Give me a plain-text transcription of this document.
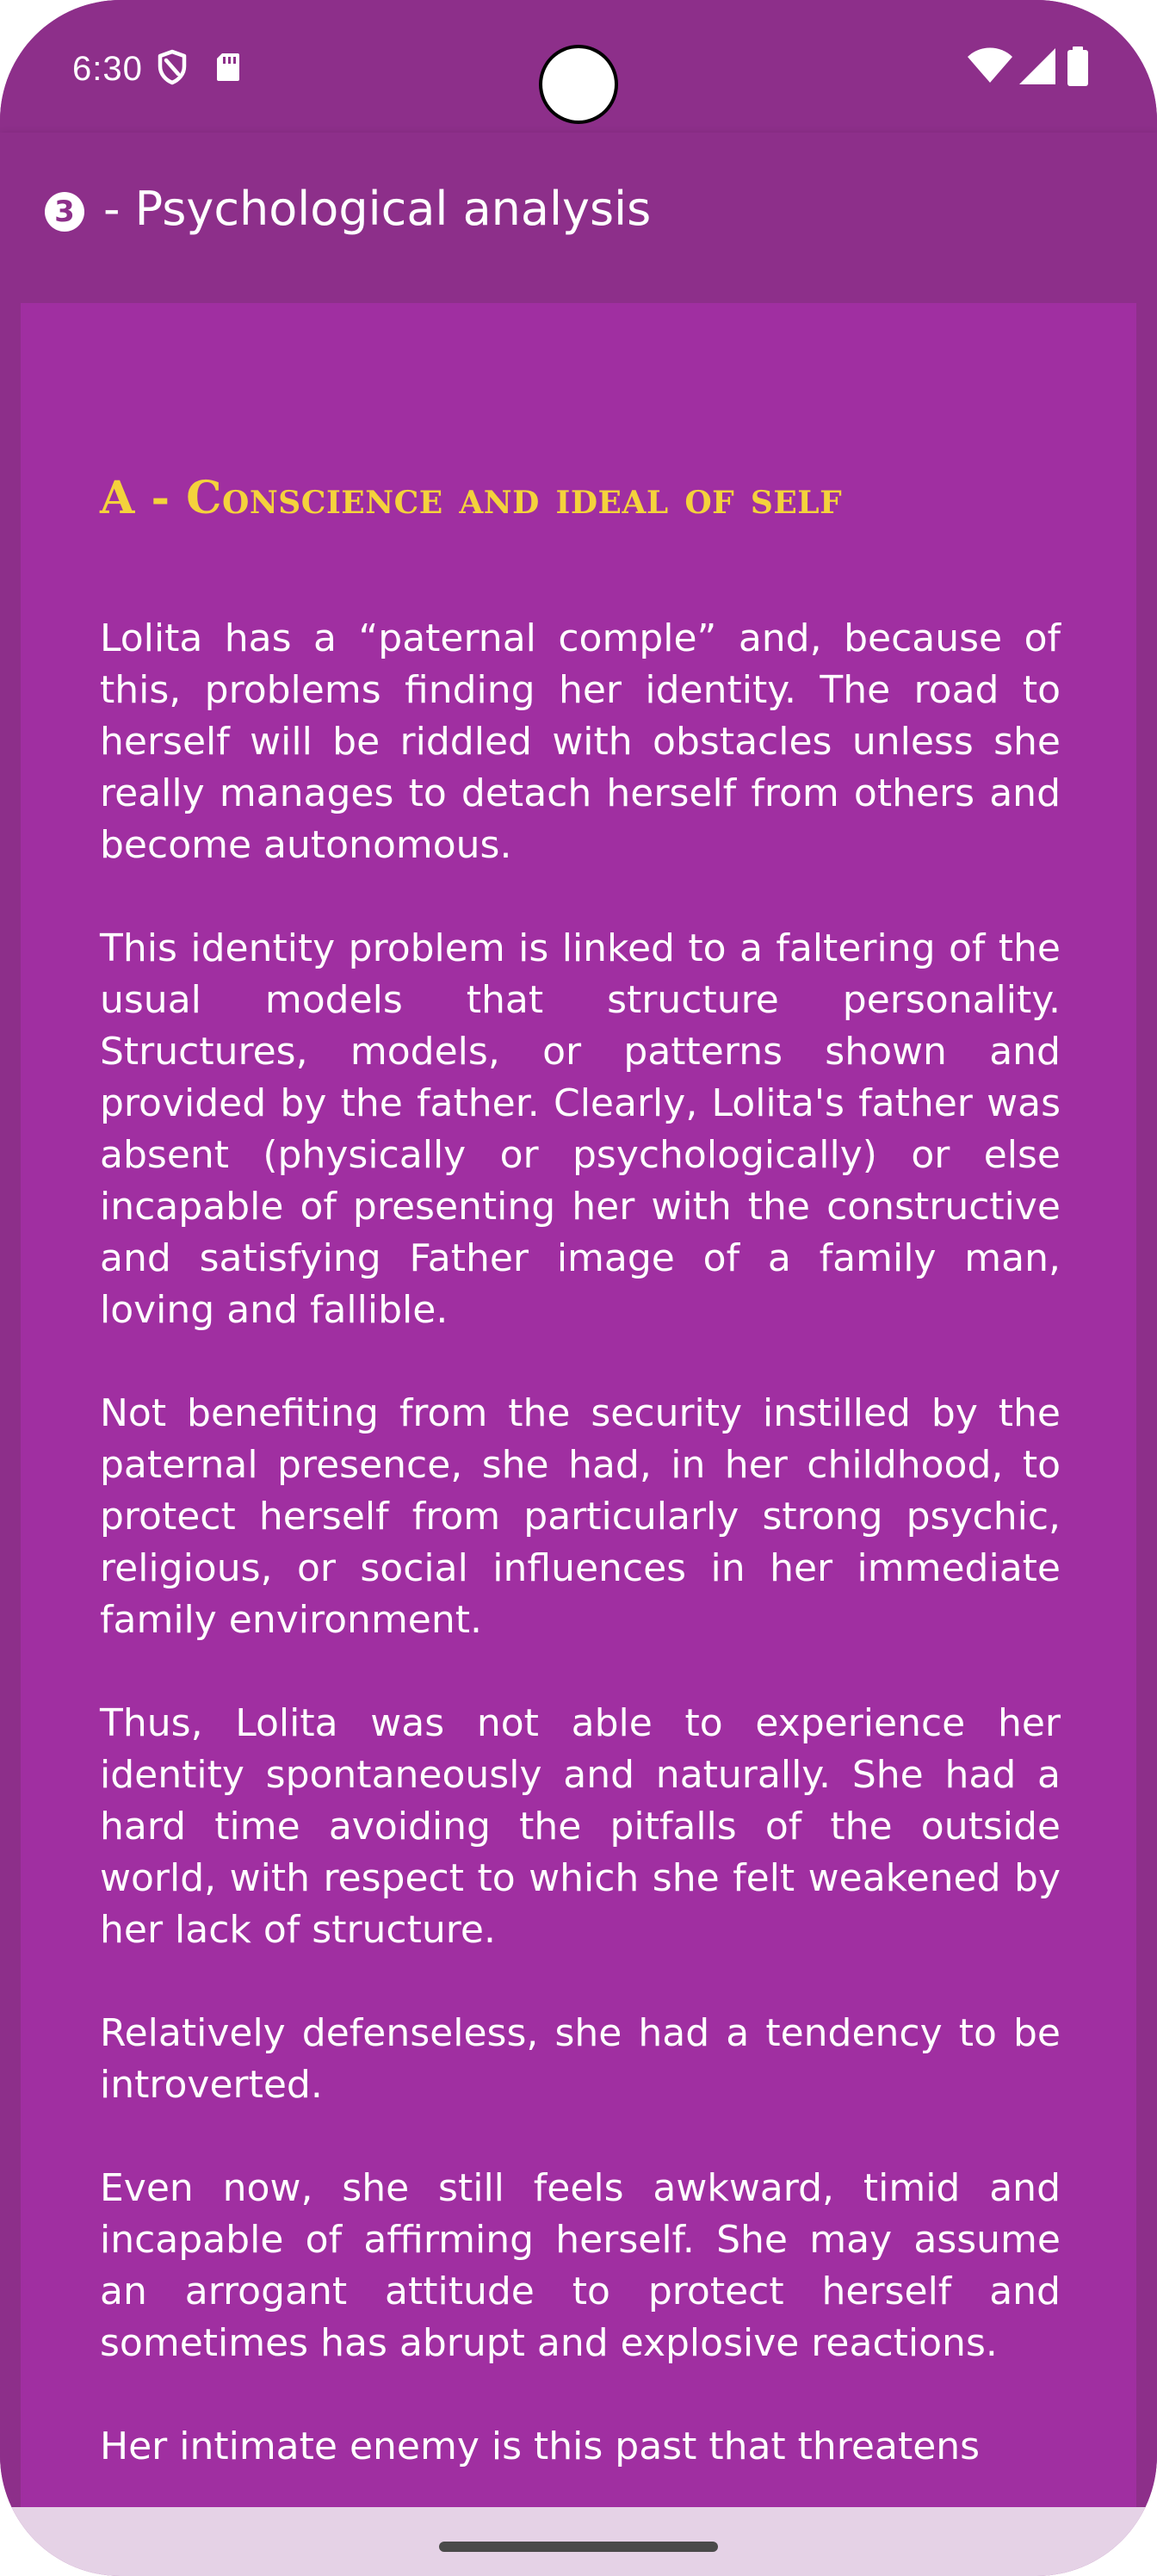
6:30
3 - Psychological analysis
A - Conscience and ideal of self

Lolita has a “paternal comple” and, because of this, problems finding her identity. The road to herself will be riddled with obstacles unless she really manages to detach herself from others and become autonomous.

This identity problem is linked to a faltering of the usual models that structure personality. Structures, models, or patterns shown and provided by the father. Clearly, Lolita's father was absent (physically or psychologically) or else incapable of presenting her with the constructive and satisfying Father image of a family man, loving and fallible.

Not benefiting from the security instilled by the paternal presence, she had, in her childhood, to protect herself from particularly strong psychic, religious, or social influences in her immediate family environment.

Thus, Lolita was not able to experience her identity spontaneously and naturally. She had a hard time avoiding the pitfalls of the outside world, with respect to which she felt weakened by her lack of structure.

Relatively defenseless, she had a tendency to be introverted.

Even now, she still feels awkward, timid and incapable of affirming herself. She may assume an arrogant attitude to protect herself and sometimes has abrupt and explosive reactions.

Her intimate enemy is this past that threatens
